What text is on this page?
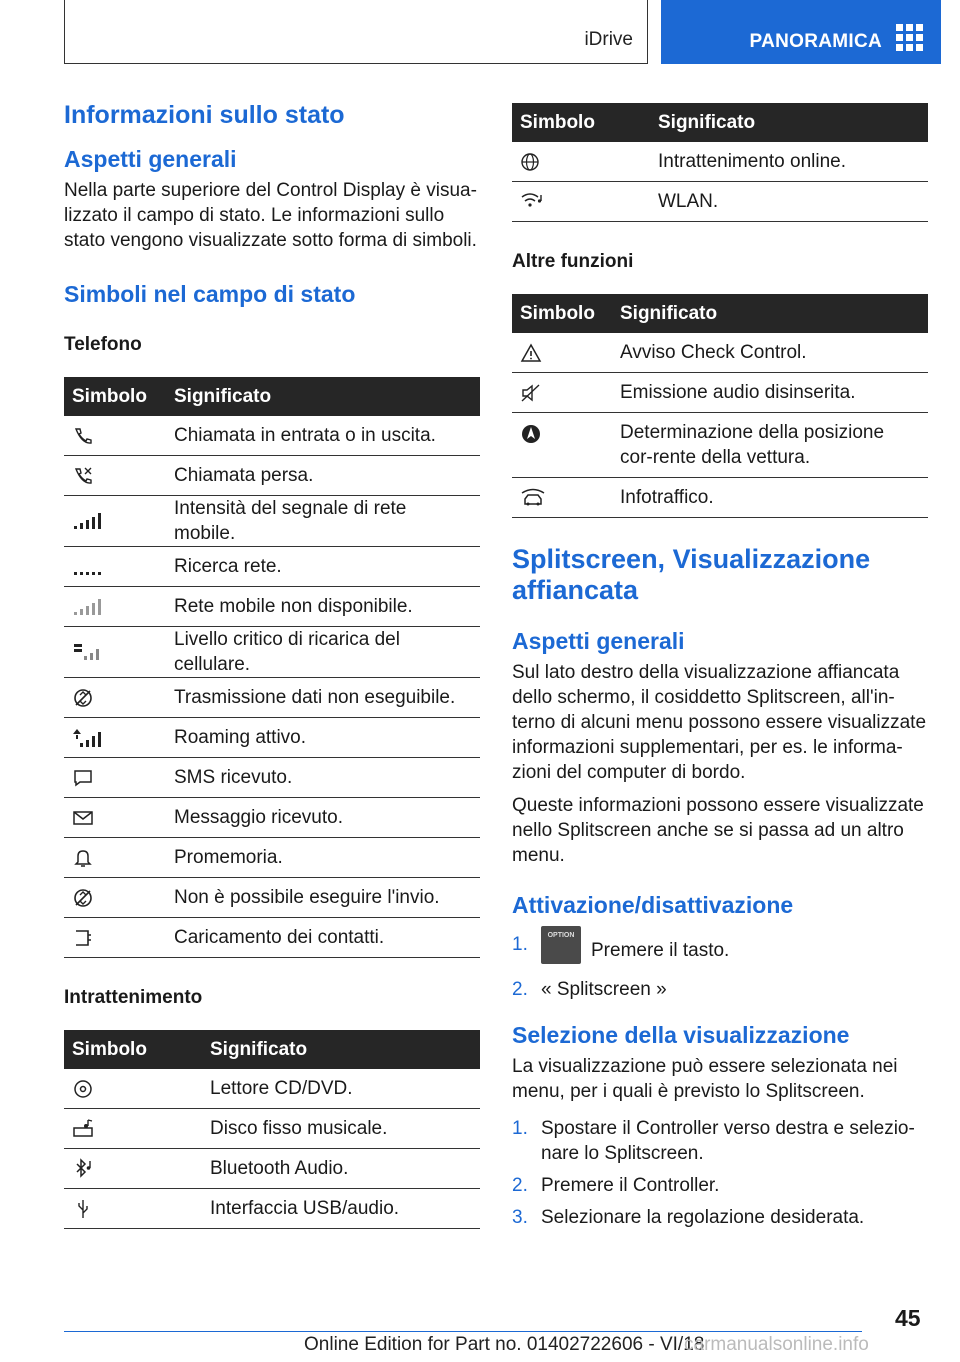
iDrive	PANORAMICA
Informazioni sullo stato
Aspetti generali
Nella parte superiore del Control Display è visua-lizzato il campo di stato. Le informazioni sullo stato vengono visualizzate sotto forma di simboli.
Simboli nel campo di stato
Telefono
Simbolo	Significato

	Chiamata in entrata o in uscita.

	Chiamata persa.

	Intensità del segnale di rete mobile.

	Ricerca rete.

	Rete mobile non disponibile.

	Livello critico di ricarica del cellulare.

	Trasmissione dati non eseguibile.

	Roaming attivo.

	SMS ricevuto.

	Messaggio ricevuto.

	Promemoria.

	Non è possibile eseguire l'invio.

	Caricamento dei contatti.
Intrattenimento
Simbolo	Significato

	Lettore CD/DVD.

	Disco fisso musicale.

	Bluetooth Audio.

	Interfaccia USB/audio.
Simbolo	Significato

	Intrattenimento online.

	WLAN.
Altre funzioni
Simbolo	Significato

	Avviso Check Control.

	Emissione audio disinserita.

	Determinazione della posizione cor-rente della vettura.

	Infotraffico.
Splitscreen, Visualizzazione affiancata
Aspetti generali
Sul lato destro della visualizzazione affiancata dello schermo, il cosiddetto Splitscreen, all'in-terno di alcuni menu possono essere visualizzate informazioni supplementari, per es. le informa-zioni del computer di bordo.
Queste informazioni possono essere visualizzate nello Splitscreen anche se si passa ad un altro menu.
Attivazione/disattivazione
1.	OPTIONPremere il tasto.
2. « Splitscreen »
Selezione della visualizzazione
La visualizzazione può essere selezionata nei menu, per i quali è previsto lo Splitscreen.
1. Spostare il Controller verso destra e selezio-nare lo Splitscreen.
2. Premere il Controller.
3. Selezionare la regolazione desiderata.
45
Online Edition for Part no. 01402722606 - VI/18
carmanualsonline.info
